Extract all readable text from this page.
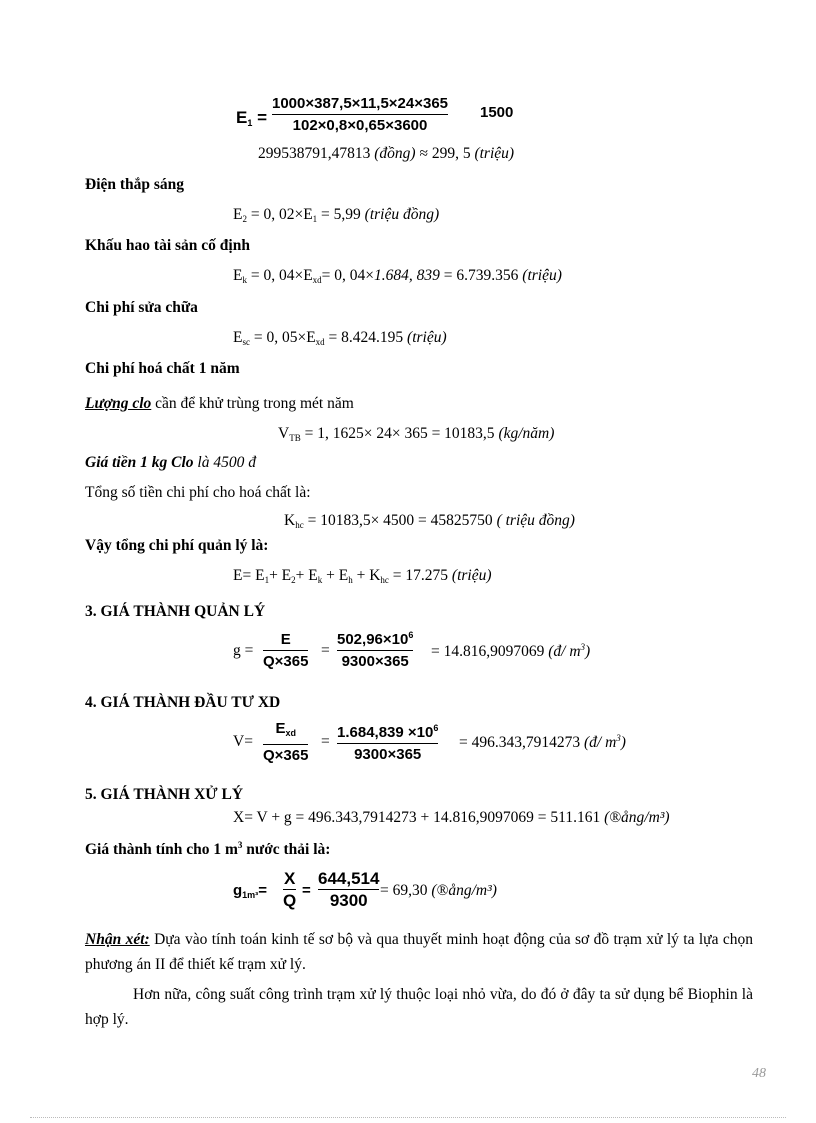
$E_1$ =
1000×387,5×11,5×24×365
102×0,8×0,65×3600
1500
299538791,47813 (đồng) ≈ 299, 5 (triệu)
Điện thắp sáng
$E_2 = 0$, $02\times E_1 = 5,99$ (triệu đồng)
Khấu hao tài sản cố định
$E_k = 0$, $04\times E_{xd}= 0$, 04×1.684, 839 = 6.739.356 (triệu)
Chi phí sửa chữa
$E_{sc} = 0$, $05\times E_{xd} = 8.424.195$ (triệu)
Chi phí hoá chất 1 năm
Lượng clo cần để khử trùng trong mét năm
$V_{TB} = 1$, 1625× 24× 365 = 10183,5 (kg/năm)
Giá tiền 1 kg Clo là 4500 đ
Tổng số tiền chi phí cho hoá chất là:
$K_{hc} = 10183,5\times 4500 = 45825750$ ( triệu đồng)
Vậy tổng chi phí quản lý là:
$E= E_1+ E_2+ E_k + E_h + K_{hc} = 17.275$ (triệu)
3. GIÁ THÀNH QUẢN LÝ
g =
E
Q×365
=
$502,96\times 10^6$
9300×365
= 14.816,9097069 (đ/ $m^3$)
4. GIÁ THÀNH ĐẦU TƯ XD
V=
$E_{xd}$
Q×365
=
$1.684,839 \times 10^6$
9300×365
= 496.343,7914273 (đ/ $m^3$)
5. GIÁ THÀNH XỬ LÝ
X= V + g = 496.343,7914273 + 14.816,9097069 = 511.161 (®ång/m³)
Giá thành tính cho 1 $m^3$ nước thải là:
$g_{1m^3}=$
X
Q
=
644,514
9300
= 69,30 (®ång/m³)
Nhận xét: Dựa vào tính toán kinh tế sơ bộ và qua thuyết minh hoạt động của sơ đồ trạm xử lý ta lựa chọn phương án II để thiết kế trạm xử lý.
Hơn nữa, công suất công trình trạm xử lý thuộc loại nhỏ vừa, do đó ở đây ta sử dụng bể Biophin là hợp lý.
48
